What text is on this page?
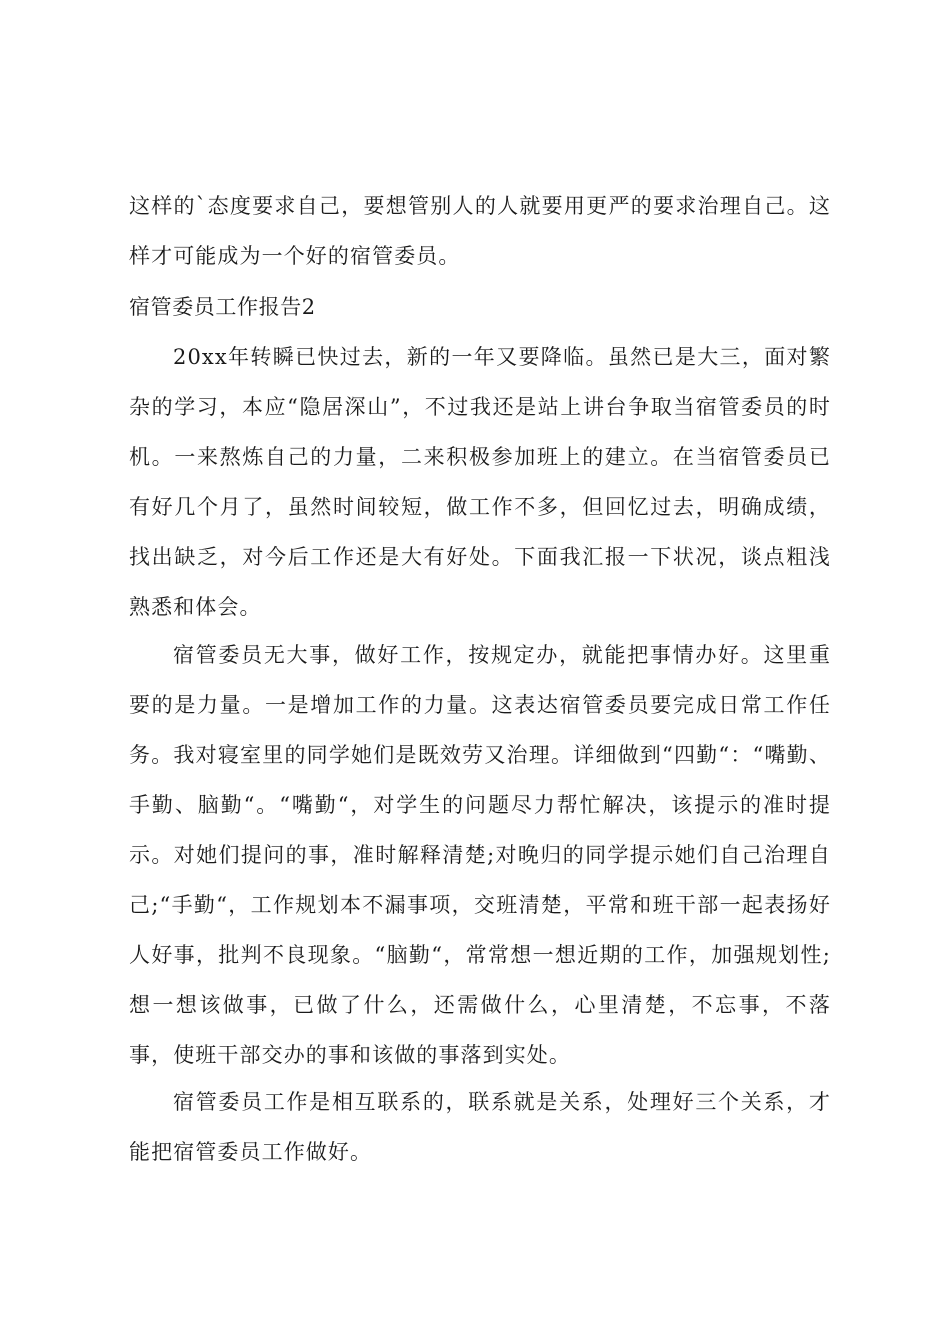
这样的`态度要求自己，要想管别人的人就要用更严的要求治理自己。这样才可能成为一个好的宿管委员。

宿管委员工作报告2

20xx年转瞬已快过去，新的一年又要降临。虽然已是大三，面对繁杂的学习，本应“隐居深山”，不过我还是站上讲台争取当宿管委员的时机。一来熬炼自己的力量，二来积极参加班上的建立。在当宿管委员已有好几个月了，虽然时间较短，做工作不多，但回忆过去，明确成绩，找出缺乏，对今后工作还是大有好处。下面我汇报一下状况，谈点粗浅熟悉和体会。

宿管委员无大事，做好工作，按规定办，就能把事情办好。这里重要的是力量。一是增加工作的力量。这表达宿管委员要完成日常工作任务。我对寝室里的同学她们是既效劳又治理。详细做到“四勤“：“嘴勤、手勤、脑勤“。“嘴勤“，对学生的问题尽力帮忙解决，该提示的准时提示。对她们提问的事，准时解释清楚;对晚归的同学提示她们自己治理自己;“手勤“，工作规划本不漏事项，交班清楚，平常和班干部一起表扬好人好事，批判不良现象。“脑勤“，常常想一想近期的工作，加强规划性;想一想该做事，已做了什么，还需做什么，心里清楚，不忘事，不落事，使班干部交办的事和该做的事落到实处。

宿管委员工作是相互联系的，联系就是关系，处理好三个关系，才能把宿管委员工作做好。
